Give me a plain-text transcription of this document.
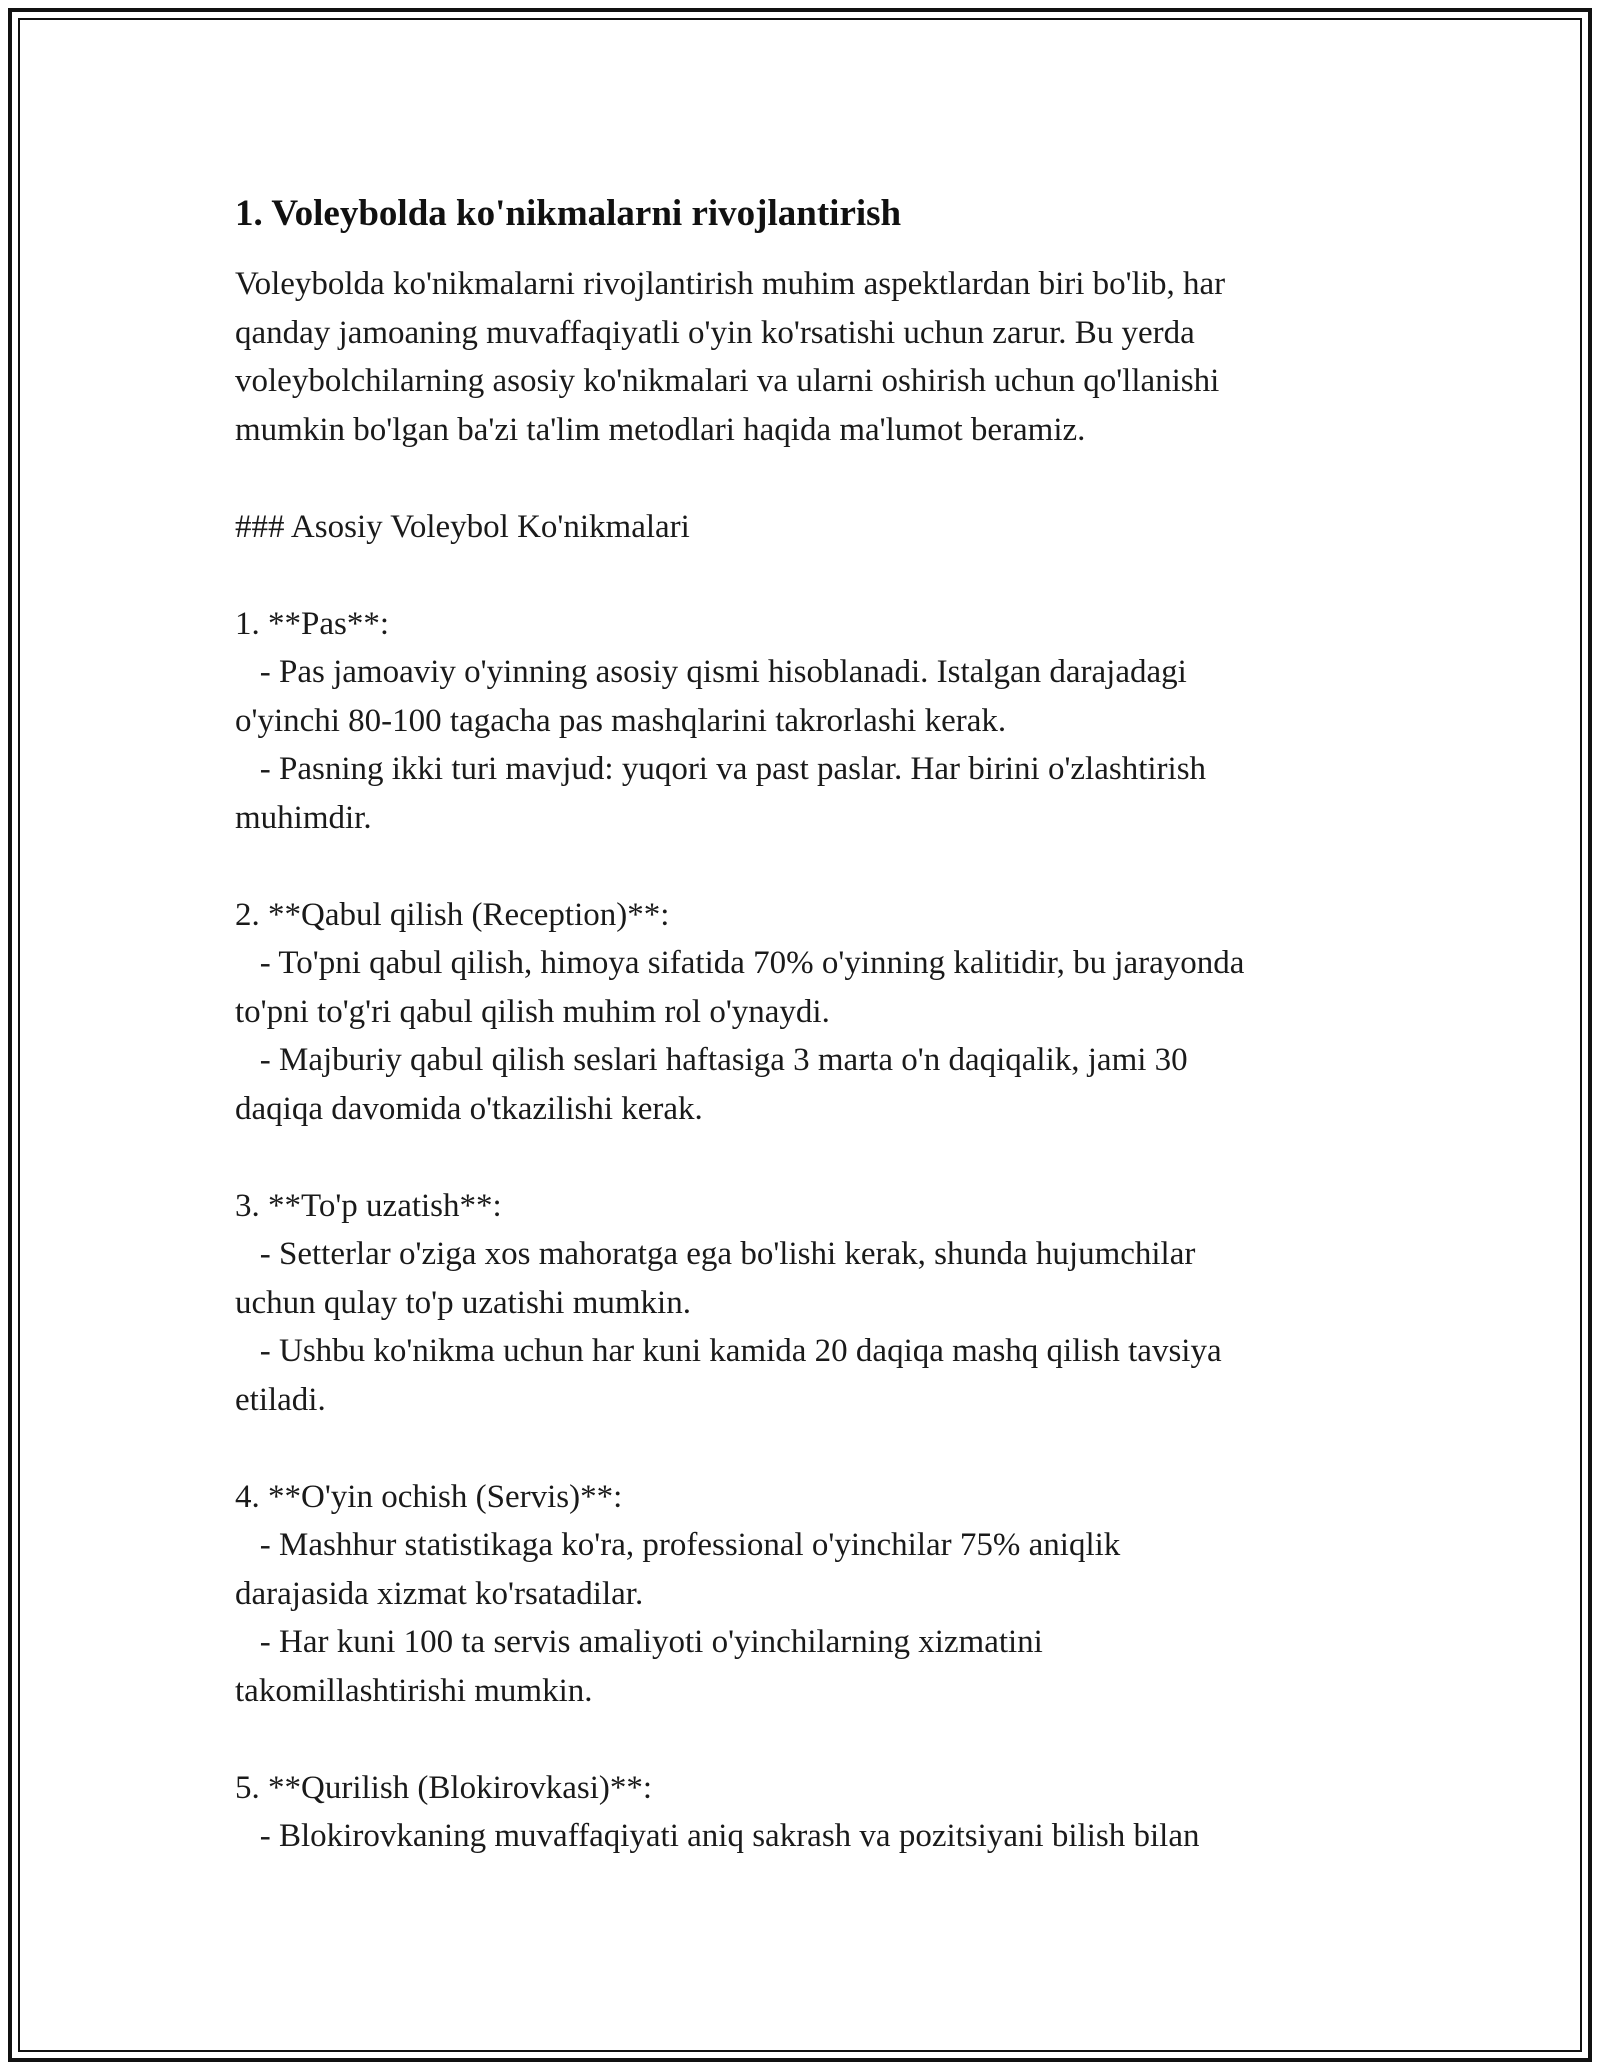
1. Voleybolda ko'nikmalarni rivojlantirish
Voleybolda ko'nikmalarni rivojlantirish muhim aspektlardan biri bo'lib, har
qanday jamoaning muvaffaqiyatli o'yin ko'rsatishi uchun zarur. Bu yerda
voleybolchilarning asosiy ko'nikmalari va ularni oshirish uchun qo'llanishi
mumkin bo'lgan ba'zi ta'lim metodlari haqida ma'lumot beramiz.
### Asosiy Voleybol Ko'nikmalari
1. **Pas**:
- Pas jamoaviy o'yinning asosiy qismi hisoblanadi. Istalgan darajadagi
o'yinchi 80-100 tagacha pas mashqlarini takrorlashi kerak.
- Pasning ikki turi mavjud: yuqori va past paslar. Har birini o'zlashtirish
muhimdir.
2. **Qabul qilish (Reception)**:
- To'pni qabul qilish, himoya sifatida 70% o'yinning kalitidir, bu jarayonda
to'pni to'g'ri qabul qilish muhim rol o'ynaydi.
- Majburiy qabul qilish seslari haftasiga 3 marta o'n daqiqalik, jami 30
daqiqa davomida o'tkazilishi kerak.
3. **To'p uzatish**:
- Setterlar o'ziga xos mahoratga ega bo'lishi kerak, shunda hujumchilar
uchun qulay to'p uzatishi mumkin.
- Ushbu ko'nikma uchun har kuni kamida 20 daqiqa mashq qilish tavsiya
etiladi.
4. **O'yin ochish (Servis)**:
- Mashhur statistikaga ko'ra, professional o'yinchilar 75% aniqlik
darajasida xizmat ko'rsatadilar.
- Har kuni 100 ta servis amaliyoti o'yinchilarning xizmatini
takomillashtirishi mumkin.
5. **Qurilish (Blokirovkasi)**:
- Blokirovkaning muvaffaqiyati aniq sakrash va pozitsiyani bilish bilan
